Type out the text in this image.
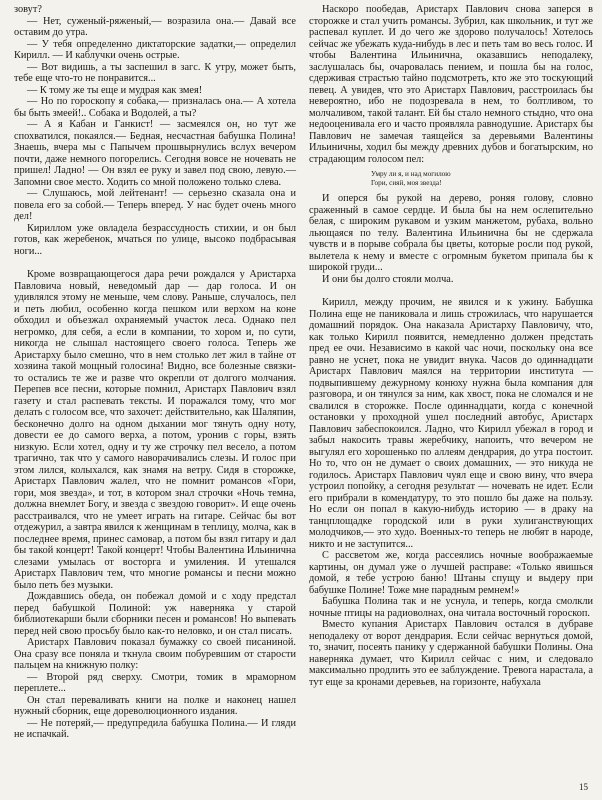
зовут?

— Нет, суженый-ряженый,— возразила она.— Давай все оставим до утра.

— У тебя определенно диктаторские задатки,— определил Кирилл. — И каблучки очень острые.

— Вот видишь, а ты заспешил в загс. К утру, может быть, тебе еще что-то не понравится...

— К тому же ты еще и мудрая как змея!

— Но по гороскопу я собака,— призналась она.— А хотела бы быть змеей!.. Собака и Водолей, а ты?

— А я Кабан и Ганкист! — засмеялся он, но тут же спохватился, покаялся.— Бедная, несчастная бабушка Полина! Знаешь, вчера мы с Папычем прошвырнулись вслух вечером почти, даже немного погорелись. Сегодня вовсе не ночевать не пришел! Ладно! — Он взял ее руку и завел под свою, левую.— Запомни свое место. Ходить со мной положено только слева.

— Слушаюсь, мой лейтенант! — серьезно сказала она и повела его за собой.— Теперь вперед. У нас будет очень много дел!

Кириллом уже овладела безрассудность стихии, и он был готов, как жеребенок, мчаться по улице, высоко подбрасывая ноги...

Кроме возвращающегося дара речи рождался у Аристарха Павловича новый, неведомый дар — дар голоса. И он удивлялся этому не меньше, чем слову. Раньше, случалось, пел и петь любил, особенно когда пешком или верхом на коне обходил и объезжал охраняемый участок леса. Однако пел негромко, для себя, а если в компании, то хором и, по сути, никогда не слышал настоящего своего голоса. Теперь же Аристарху было смешно, что в нем столько лет жил в тайне от хозяина такой мощный голосина! Видно, все болезные связки-то остались те же и разве что окрепли от долгого молчания. Перепев все песни, которые помнил, Аристарх Павлович взял газету и стал распевать тексты. И поражался тому, что мог делать с голосом все, что захочет: действительно, как Шаляпин, бесконечно долго на одном дыхании мог тянуть одну ноту, довести ее до самого верха, а потом, уронив с горы, взять низкую. Если хотел, одну и ту же строчку пел весело, а потом трагично, так что у самого наворачивались слезы. И голос при этом лился, колыхался, как знамя на ветру. Сидя в сторожке, Аристарх Павлович жалел, что не помнит романсов «Гори, гори, моя звезда», и тот, в котором знал строчки «Ночь темна, должна внемлет Богу, и звезда с звездою говорит». И еще очень расстраивался, что не умеет играть на гитаре. Сейчас бы вот отдежурил, а завтра явился к женщинам в теплицу, молча, как в последнее время, принес самовар, а потом бы взял гитару и дал бы такой концерт! Такой концерт! Чтобы Валентина Ильинична слезами умылась от восторга и умиления. И утешался Аристарх Павлович тем, что многие романсы и песни можно было петь без музыки.

Дождавшись обеда, он побежал домой и с ходу предстал перед бабушкой Полиной: уж наверняка у старой библиотекарши были сборники песен и романсов! Но выпевать перед ней свою просьбу было как-то неловко, и он стал писать.

Аристарх Павлович показал бумажку со своей писаниной. Она сразу все поняла и ткнула своим побуревшим от старости пальцем на книжную полку:

— Второй ряд сверху. Смотри, томик в мраморном переплете...

Он стал переваливать книги на полке и наконец нашел нужный сборник, еще дореволюционного издания.

— Не потеряй,— предупредила бабушка Полина.— И гляди не испачкай.

Наскоро пообедав, Аристарх Павлович снова заперся в сторожке и стал учить романсы. Зубрил, как школьник, и тут же распевал куплет. И до чего же здорово получалось! Хотелось сейчас же убежать куда-нибудь в лес и петь там во весь голос. И чтобы Валентина Ильинична, оказавшись неподалеку, заслушалась бы, очаровалась пением, и пошла бы на голос, сдерживая страстью тайно подсмотреть, кто же это тоскующий певец. А увидев, что это Аристарх Павлович, расстроилась бы невероятно, ибо не подозревала в нем, то болтливом, то молчаливом, такой талант. Ей бы стало немного стыдно, что она недооценивала его и часто проявляла равнодушие. Аристарх бы Павлович не замечая таящейся за деревьями Валентины Ильиничны, ходил бы между древних дубов и богатырским, но страдающим голосом пел:

Умру ли я, и над могилою
Гори, сияй, моя звезда!

И оперся бы рукой на дерево, роняя голову, словно сраженный в самое сердце. И была бы на нем ослепительно белая, с широким рукавом и узким манжетом, рубаха, вольно льющаяся по телу. Валентина Ильинична бы не сдержала чувств и в порыве собрала бы цветы, которые росли под рукой, вылетела к нему и вместе с огромным букетом припала бы к широкой груди...

И они бы долго стояли молча.

Кирилл, между прочим, не явился и к ужину. Бабушка Полина еще не паниковала и лишь строжилась, что нарушается домашний порядок. Она наказала Аристарху Павловичу, что, как только Кирилл появится, немедленно должен предстать пред ее очи. Независимо в какой час ночи, поскольку она все равно не уснет, пока не увидит внука. Часов до одиннадцати Аристарх Павлович маялся на территории института — подвыпившему дежурному конюху нужна была компания для разговора, и он тянулся за ним, как хвост, пока не сломался и не свалился в сторожке. После одиннадцати, когда с конечной остановки у проходной ушел последний автобус, Аристарх Павлович забеспокоился. Ладно, что Кирилл убежал в город и забыл накосить травы жеребчику, напоить, что вечером не выгулял его хорошенько по аллеям дендрария, до утра постоит. Но то, что он не думает о своих домашних, — это никуда не годилось. Аристарх Павлович чуял еще и свою вину, что вчера устроил попойку, а сегодня результат — ночевать не идет. Если его прибрали в комендатуру, то это пошло бы даже на пользу. Но если он попал в какую-нибудь историю — в драку на танцплощадке городской или в руки хулиганствующих молодчиков,— это худо. Военных-то теперь не любят в народе, никто и не заступится...

С рассветом же, когда рассеялись ночные воображаемые картины, он думал уже о лучшей расправе: «Только явишься домой, я тебе устрою баню! Штаны спущу и выдеру при бабушке Полине! Тоже мне парадным ремнем!»

Бабушка Полина так и не уснула, и теперь, когда смолкли ночные птицы на радиоволнах, она читала восточный гороскоп.

Вместо купания Аристарх Павлович остался в дубраве неподалеку от ворот дендрария. Если сейчас вернуться домой, то, значит, посеять панику у сдержанной бабушки Полины. Она наверняка думает, что Кирилл сейчас с ним, и следовало максимально продлить это ее заблуждение. Тревога нарастала, а тут еще за кронами деревьев, на горизонте, набухала

15
